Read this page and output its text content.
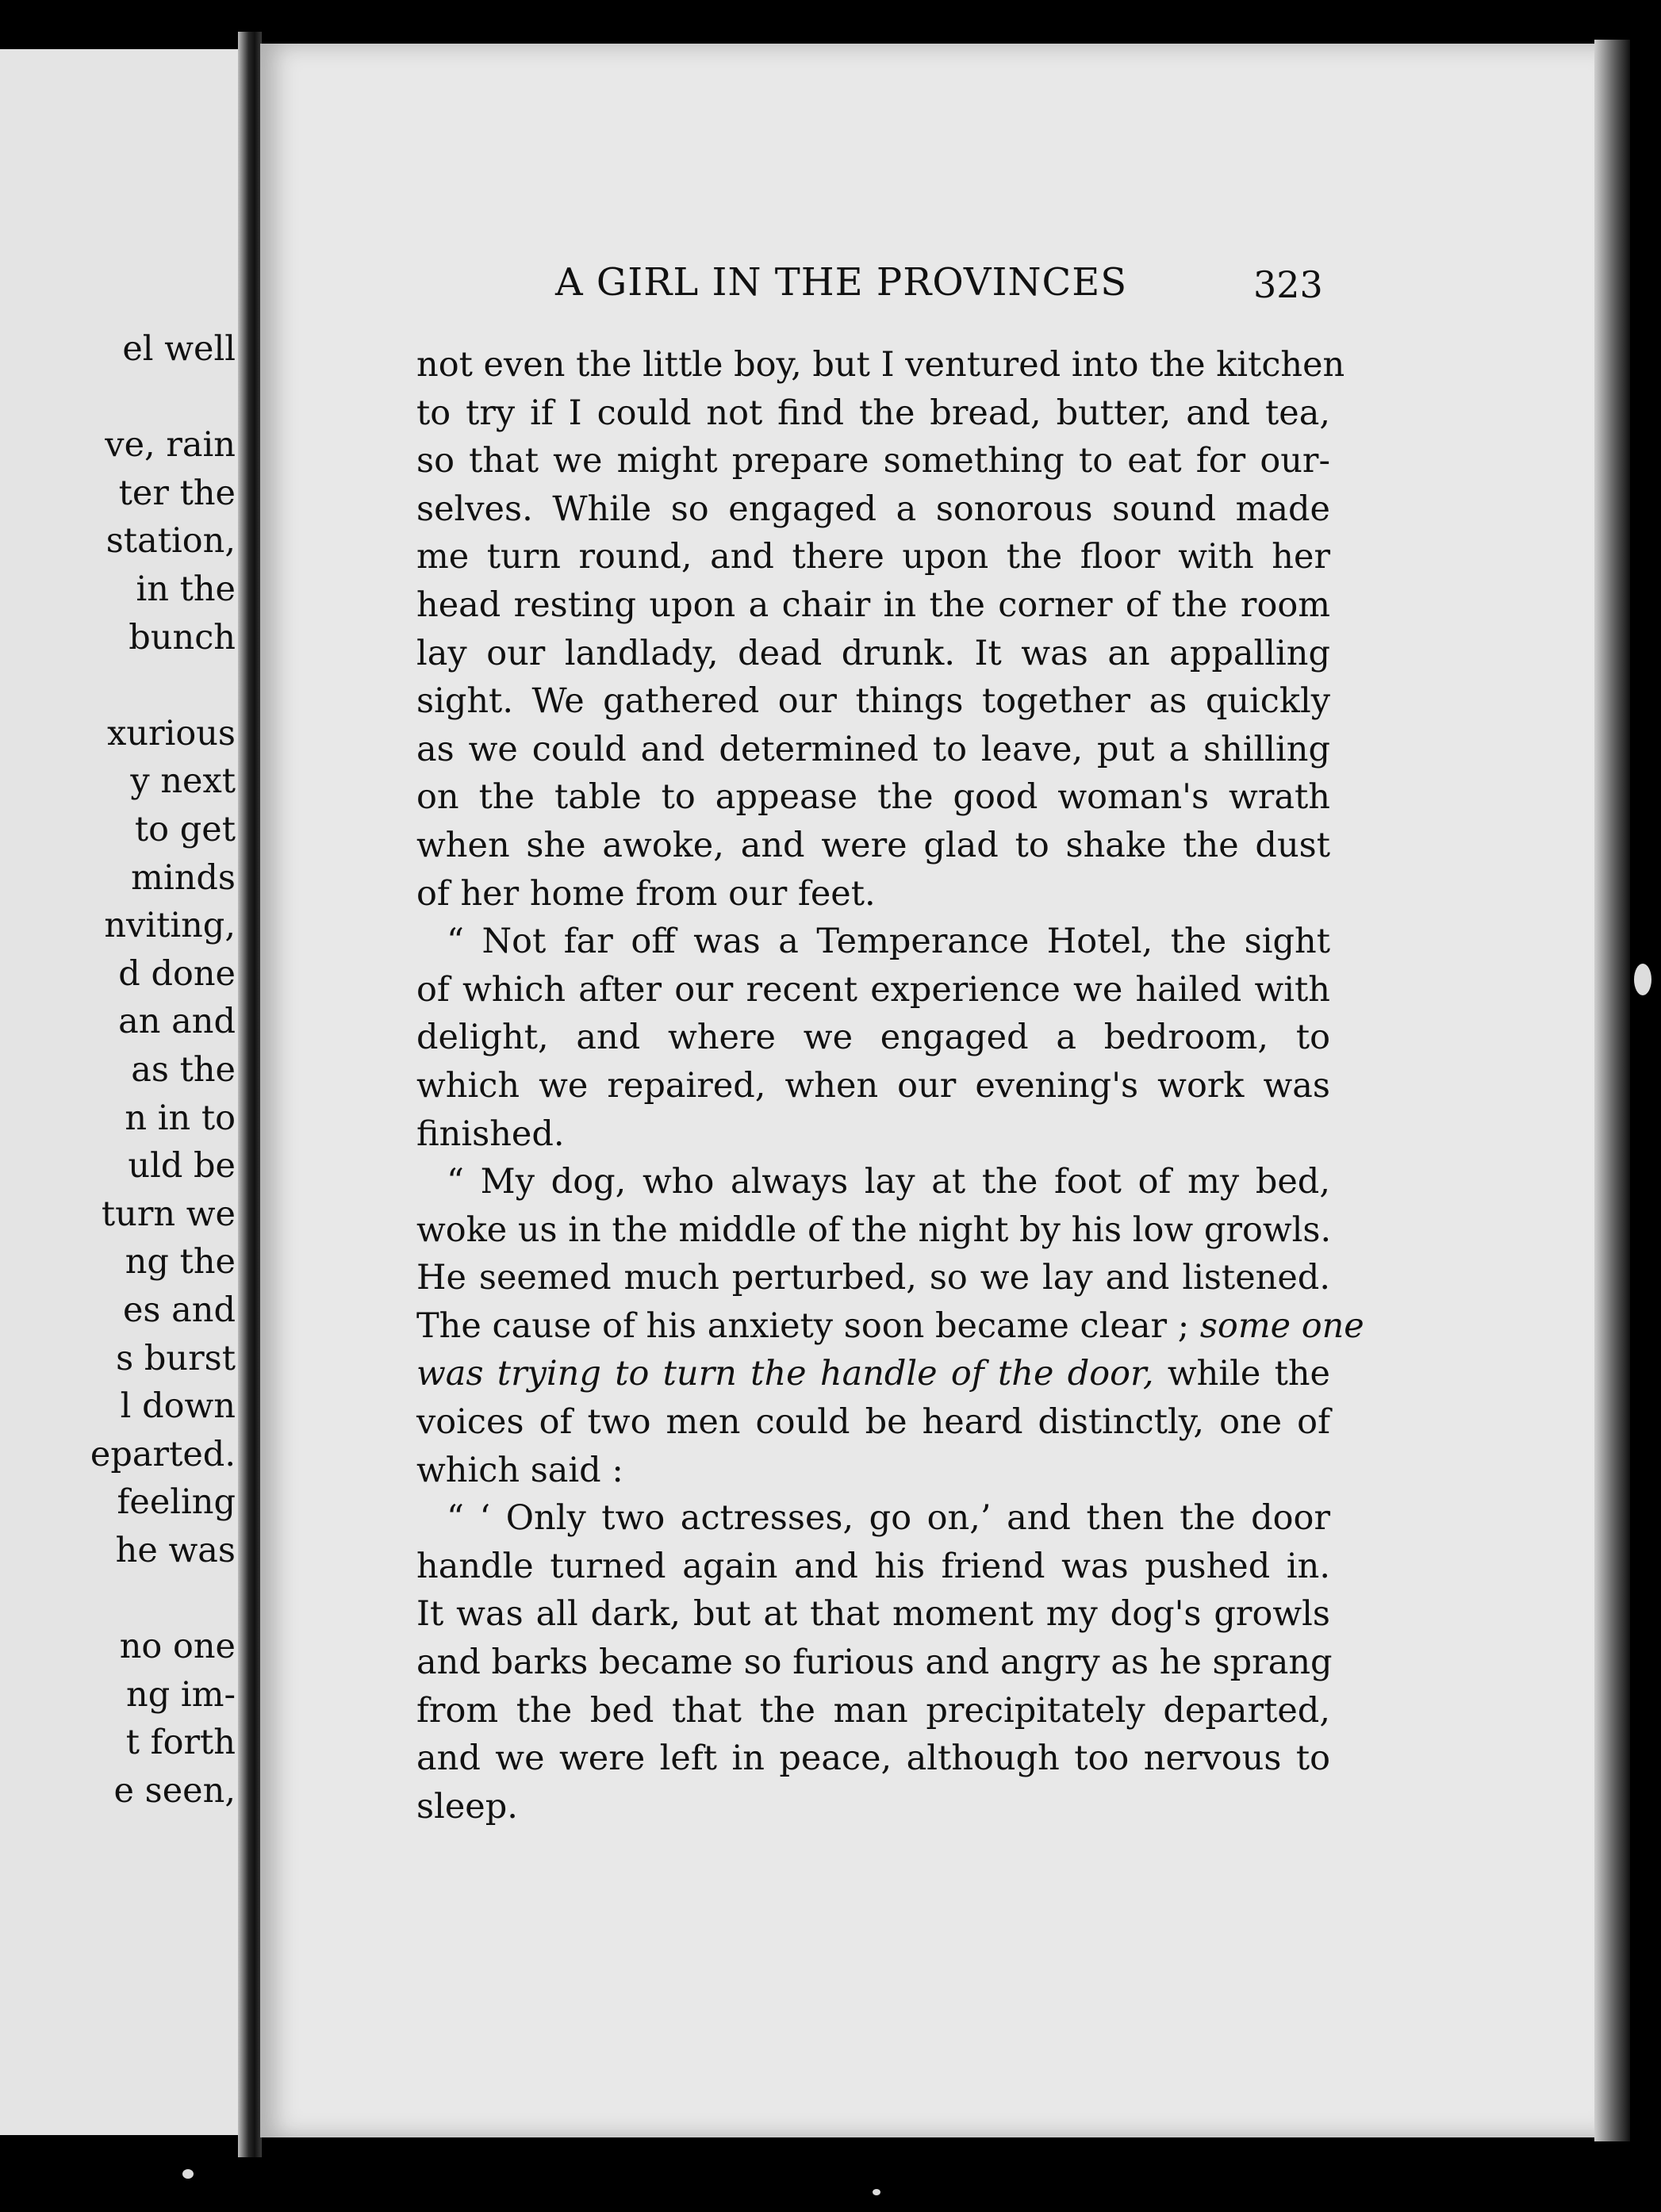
el well
ve, rain
ter the
station,
in the
bunch
xurious
y next
to get
minds
nviting,
d done
an and
as the
n in to
uld be
turn we
ng the
es and
s burst
l down
eparted.
feeling
he was
no one
ng im-
t forth
e seen,
A GIRL IN THE PROVINCES	323
not even the little boy, but I ventured into the kitchen
to try if I could not find the bread, butter, and tea,
so that we might prepare something to eat for our-
selves. While so engaged a sonorous sound made
me turn round, and there upon the floor with her
head resting upon a chair in the corner of the room
lay our landlady, dead drunk. It was an appalling
sight. We gathered our things together as quickly
as we could and determined to leave, put a shilling
on the table to appease the good woman's wrath
when she awoke, and were glad to shake the dust
of her home from our feet.
“ Not far off was a Temperance Hotel, the sight
of which after our recent experience we hailed with
delight, and where we engaged a bedroom, to
which we repaired, when our evening's work was
finished.
“ My dog, who always lay at the foot of my bed,
woke us in the middle of the night by his low growls.
He seemed much perturbed, so we lay and listened.
The cause of his anxiety soon became clear ; some one
was trying to turn the handle of the door, while the
voices of two men could be heard distinctly, one of
which said :
“ ‘ Only two actresses, go on,’ and then the door
handle turned again and his friend was pushed in.
It was all dark, but at that moment my dog's growls
and barks became so furious and angry as he sprang
from the bed that the man precipitately departed,
and we were left in peace, although too nervous to
sleep.
